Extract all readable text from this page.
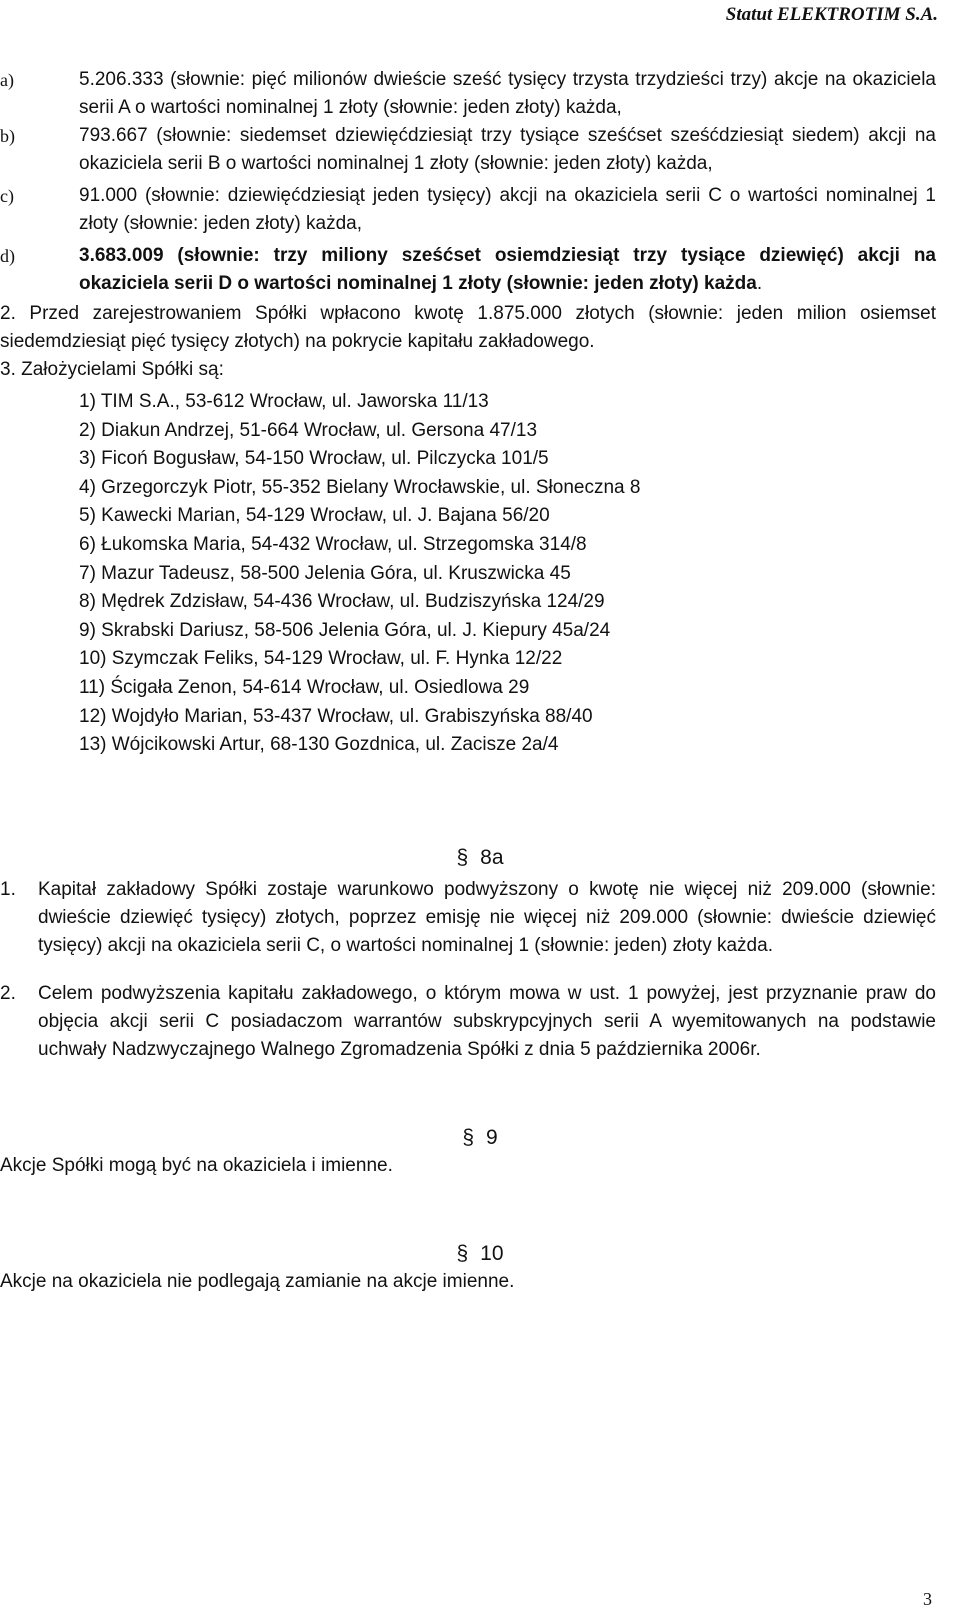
Statut ELEKTROTIM S.A.
a)	5.206.333 (słownie: pięć milionów dwieście sześć tysięcy trzysta trzydzieści trzy) akcje na okaziciela serii A o wartości nominalnej 1 złoty (słownie: jeden złoty) każda,
b)	793.667 (słownie: siedemset dziewięćdziesiąt trzy tysiące sześćset sześćdziesiąt siedem) akcji na okaziciela serii B o wartości nominalnej 1 złoty (słownie: jeden złoty) każda,
c)	91.000 (słownie: dziewięćdziesiąt jeden tysięcy) akcji na okaziciela serii C o wartości nominalnej 1 złoty (słownie: jeden złoty) każda,
d)	3.683.009 (słownie: trzy miliony sześćset osiemdziesiąt trzy tysiące dziewięć) akcji na okaziciela serii D o wartości nominalnej 1 złoty (słownie: jeden złoty) każda.
2. Przed zarejestrowaniem Spółki wpłacono kwotę 1.875.000 złotych (słownie: jeden milion osiemset siedemdziesiąt pięć tysięcy złotych) na pokrycie kapitału zakładowego.
3. Założycielami Spółki są:
1) TIM S.A., 53-612 Wrocław, ul. Jaworska 11/13
2) Diakun Andrzej, 51-664 Wrocław, ul. Gersona 47/13
3) Ficoń Bogusław, 54-150 Wrocław, ul. Pilczycka 101/5
4) Grzegorczyk Piotr, 55-352 Bielany Wrocławskie, ul. Słoneczna 8
5) Kawecki Marian, 54-129 Wrocław, ul. J. Bajana 56/20
6) Łukomska Maria, 54-432 Wrocław, ul. Strzegomska 314/8
7) Mazur Tadeusz, 58-500 Jelenia Góra, ul. Kruszwicka 45
8) Mędrek Zdzisław, 54-436 Wrocław, ul. Budziszyńska 124/29
9) Skrabski Dariusz, 58-506 Jelenia Góra, ul. J. Kiepury 45a/24
10) Szymczak Feliks, 54-129 Wrocław, ul. F. Hynka 12/22
11) Ścigała Zenon, 54-614 Wrocław, ul. Osiedlowa 29
12) Wojdyło Marian, 53-437 Wrocław, ul. Grabiszyńska 88/40
13) Wójcikowski Artur, 68-130 Gozdnica, ul. Zacisze 2a/4
§ 8a
1. Kapitał zakładowy Spółki zostaje warunkowo podwyższony o kwotę nie więcej niż 209.000 (słownie: dwieście dziewięć tysięcy) złotych, poprzez emisję nie więcej niż 209.000 (słownie: dwieście dziewięć tysięcy) akcji na okaziciela serii C, o wartości nominalnej 1 (słownie: jeden) złoty każda.
2. Celem podwyższenia kapitału zakładowego, o którym mowa w ust. 1 powyżej, jest przyznanie praw do objęcia akcji serii C posiadaczom warrantów subskrypcyjnych serii A wyemitowanych na podstawie uchwały Nadzwyczajnego Walnego Zgromadzenia Spółki z dnia 5 października 2006r.
§ 9
Akcje Spółki mogą być na okaziciela i imienne.
§ 10
Akcje na okaziciela nie podlegają zamianie na akcje imienne.
3
